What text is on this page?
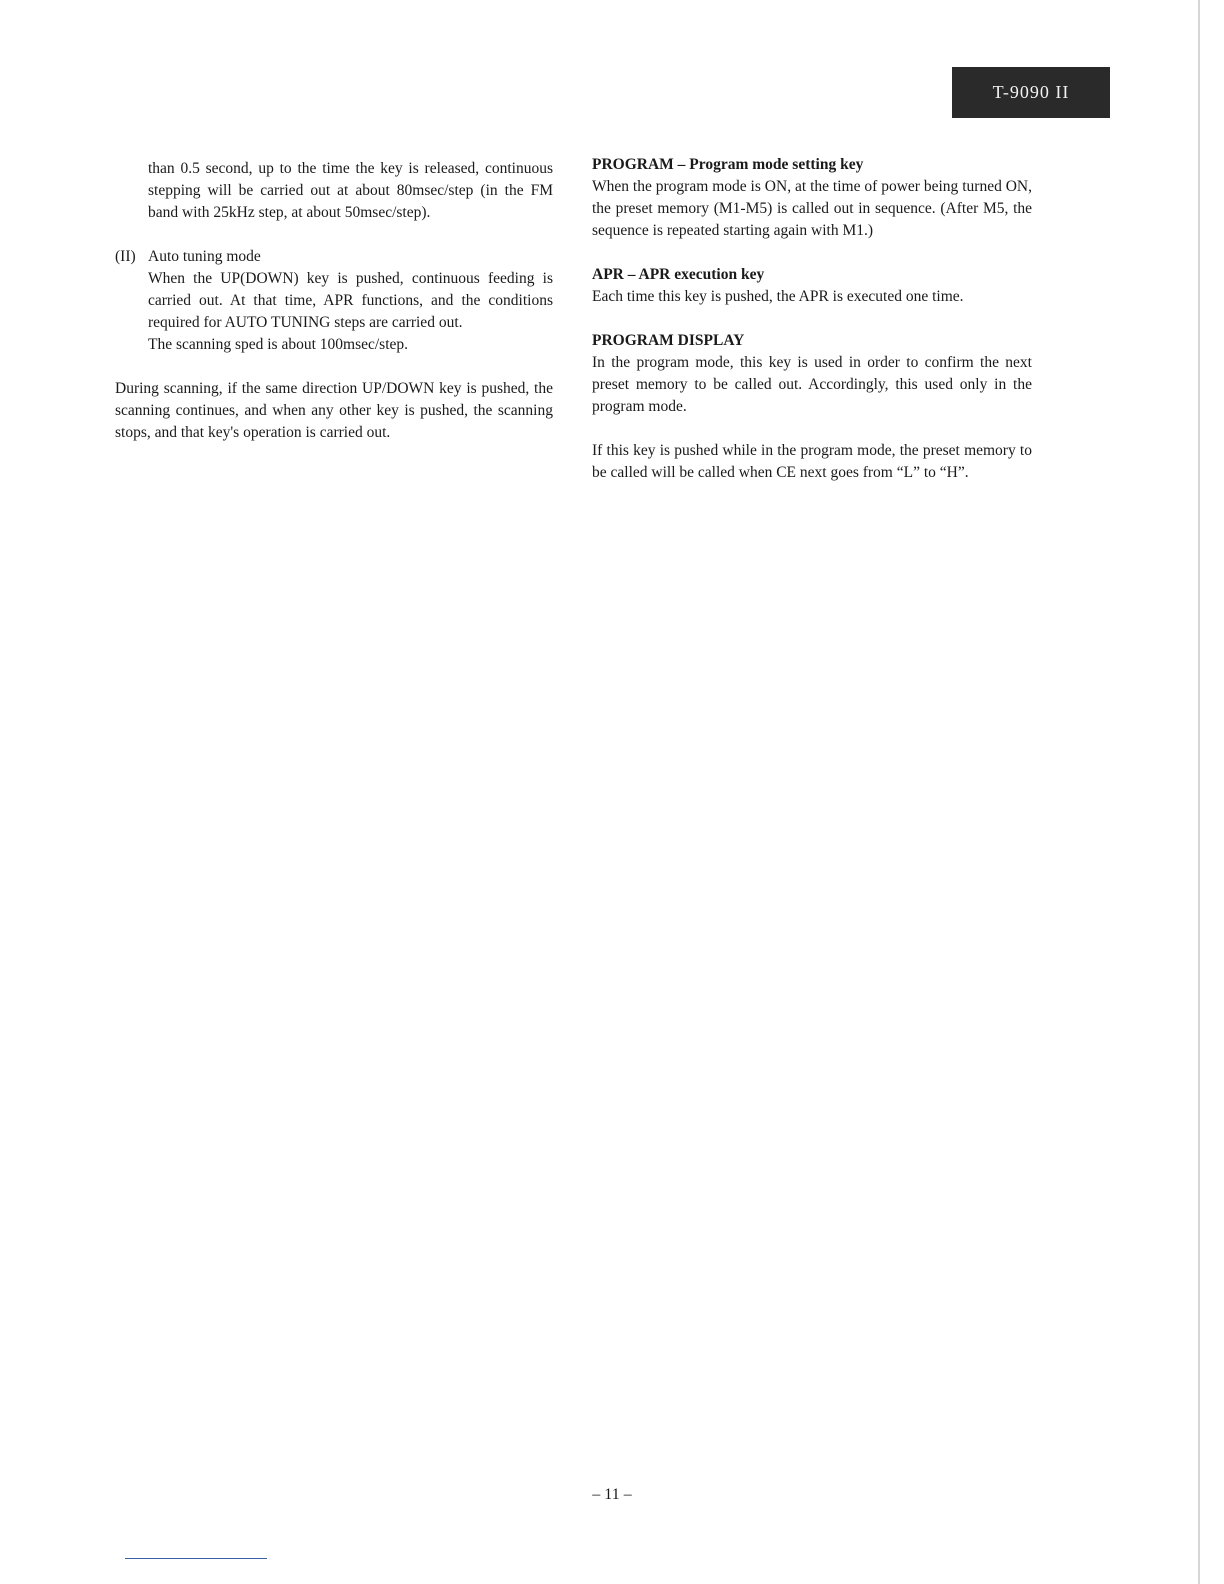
T-9090 II

than 0.5 second, up to the time the key is released, continuous stepping will be carried out at about 80msec/step (in the FM band with 25kHz step, at about 50msec/step).

(II) Auto tuning mode

When the UP(DOWN) key is pushed, continuous feeding is carried out. At that time, APR functions, and the conditions required for AUTO TUNING steps are carried out.

The scanning sped is about 100msec/step.

During scanning, if the same direction UP/DOWN key is pushed, the scanning continues, and when any other key is pushed, the scanning stops, and that key's operation is carried out.

PROGRAM – Program mode setting key

When the program mode is ON, at the time of power being turned ON, the preset memory (M1-M5) is called out in sequence. (After M5, the sequence is repeated starting again with M1.)

APR – APR execution key

Each time this key is pushed, the APR is executed one time.

PROGRAM DISPLAY

In the program mode, this key is used in order to confirm the next preset memory to be called out. Accordingly, this used only in the program mode.

If this key is pushed while in the program mode, the preset memory to be called will be called when CE next goes from “L” to “H”.

– 11 –
